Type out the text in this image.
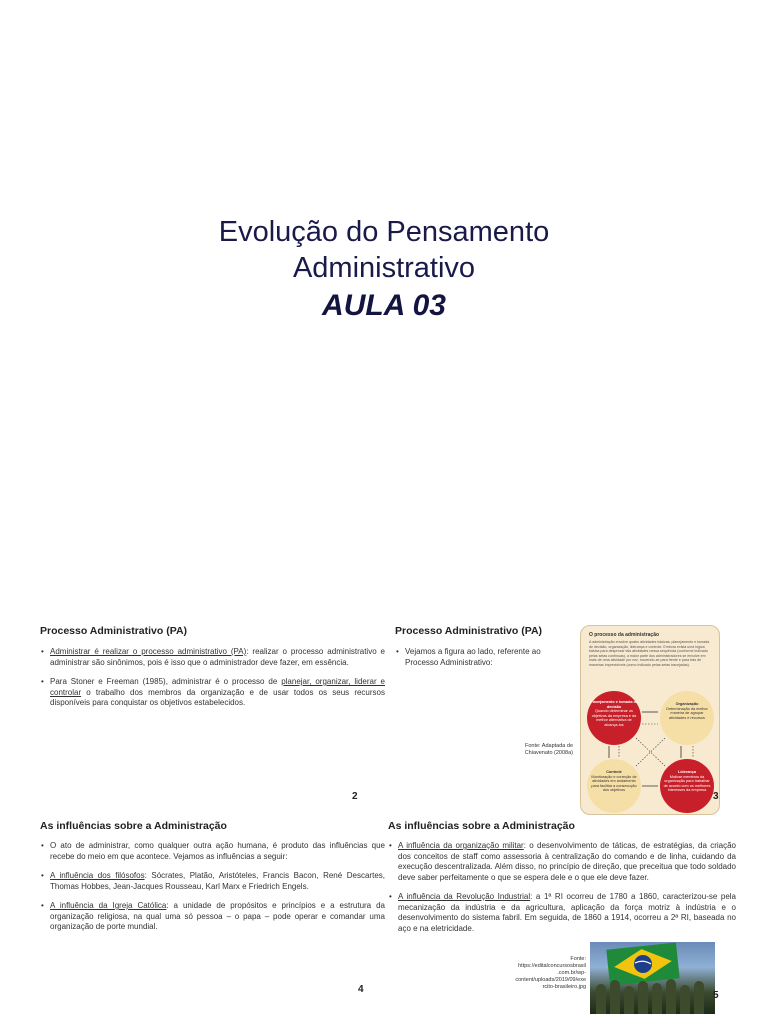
Evolução do Pensamento

Administrativo

AULA 03

Processo Administrativo (PA)
• Administrar é realizar o processo administrativo (PA): realizar o processo administrativo e administrar são sinônimos, pois é isso que o administrador deve fazer, em essência.
• Para Stoner e Freeman (1985), administrar é o processo de planejar, organizar, liderar e controlar o trabalho dos membros da organização e de usar todos os seus recursos disponíveis para conquistar os objetivos estabelecidos.
2
Processo Administrativo (PA)
• Vejamos a figura ao lado, referente ao Processo Administrativo:
Fonte: Adaptada de
Chiavenato (2008a)
O processo da administração
A administração envolve quatro atividades básicas: planejamento e tomada de decisão, organização, liderança e controle. Embora exista uma lógica básica para desprezar tais atividades nessa sequência (conforme indicado pelas setas contínuas), a maior parte dos administradores se envolve em mais de uma atividade por vez, movendo-se para frente e para trás de maneiras imprevisíveis (como indicado pelas setas tracejadas).
Planejamento e tomada de decisão
Quando determinar os objetivos da empresa e da melhor alternativa de alcança-los
Organização
Determinação da melhor maneira de agrupar atividades e recursos
Controle
Monitoração e correção de atividades em andamento para facilitar a consecução dos objetivos
Liderança
Motivar membros da organização para trabalhar de acordo com os melhores interesses da empresa
3
As influências sobre a Administração
• O ato de administrar, como qualquer outra ação humana, é produto das influências que recebe do meio em que acontece. Vejamos as influências a seguir:
• A influência dos filósofos: Sócrates, Platão, Aristóteles, Francis Bacon, René Descartes, Thomas Hobbes, Jean-Jacques Rousseau, Karl Marx e Friedrich Engels.
• A influência da Igreja Católica: a unidade de propósitos e princípios e a estrutura da organização religiosa, na qual uma só pessoa – o papa – pode operar e comandar uma organização de porte mundial.
4
As influências sobre a Administração
• A influência da organização militar: o desenvolvimento de táticas, de estratégias, da criação dos conceitos de staff como assessoria à centralização do comando e de linha, cuidando da execução descentralizada. Além disso, no princípio de direção, que preceitua que todo soldado deve saber perfeitamente o que se espera dele e o que ele deve fazer.
• A influência da Revolução Industrial: a 1ª RI ocorreu de 1780 a 1860, caracterizou-se pela mecanização da indústria e da agricultura, aplicação da força motriz à indústria e o desenvolvimento do sistema fabril. Em seguida, de 1860 a 1914, ocorreu a 2ª RI, baseada no aço e na eletricidade.
Fonte:
https://editalconcursosbrasil
.com.br/wp-
content/uploads/2019/09/exe
rcito-brasileiro.jpg
5
